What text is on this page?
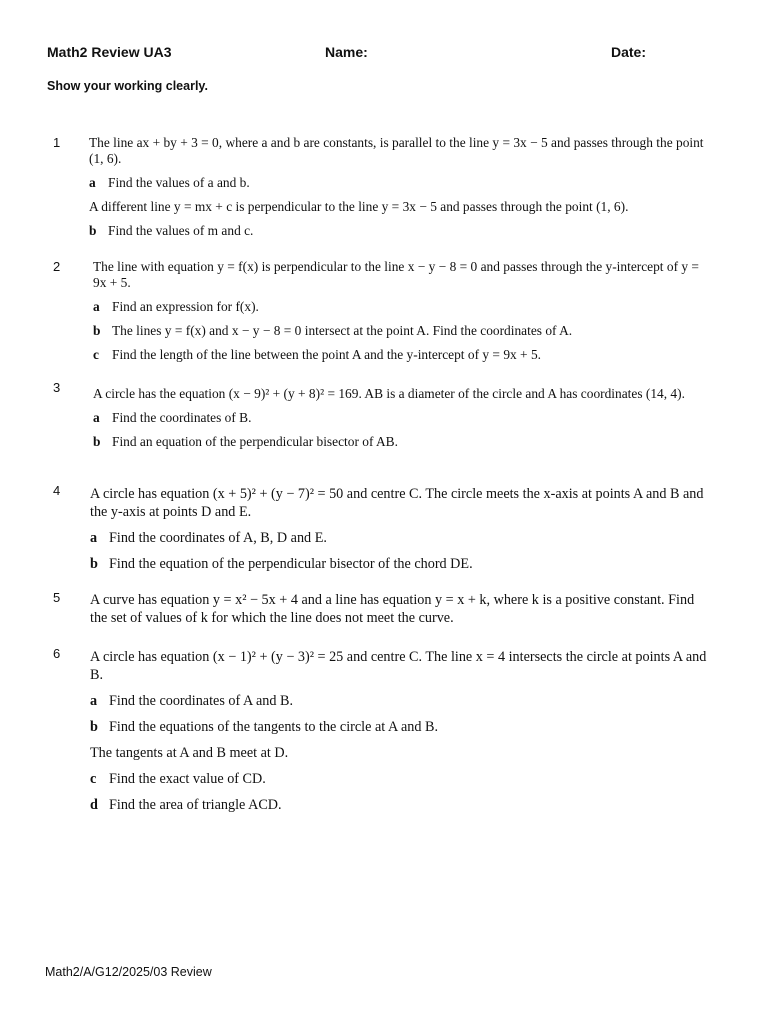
Math2 Review UA3	Name:	Date:
Show your working clearly.
1 The line ax + by + 3 = 0, where a and b are constants, is parallel to the line y = 3x − 5 and passes through the point (1, 6).

a Find the values of a and b.
A different line y = mx + c is perpendicular to the line y = 3x − 5 and passes through the point (1, 6).
b Find the values of m and c.
2 The line with equation y = f(x) is perpendicular to the line x − y − 8 = 0 and passes through the y-intercept of y = 9x + 5.

a Find an expression for f(x).
b The lines y = f(x) and x − y − 8 = 0 intersect at the point A. Find the coordinates of A.
c Find the length of the line between the point A and the y-intercept of y = 9x + 5.
3 A circle has the equation (x − 9)² + (y + 8)² = 169. AB is a diameter of the circle and A has coordinates (14, 4).

a Find the coordinates of B.
b Find an equation of the perpendicular bisector of AB.
4 A circle has equation (x + 5)² + (y − 7)² = 50 and centre C. The circle meets the x-axis at points A and B and the y-axis at points D and E.

a Find the coordinates of A, B, D and E.
b Find the equation of the perpendicular bisector of the chord DE.
5 A curve has equation y = x² − 5x + 4 and a line has equation y = x + k, where k is a positive constant. Find the set of values of k for which the line does not meet the curve.

6 A circle has equation (x − 1)² + (y − 3)² = 25 and centre C. The line x = 4 intersects the circle at points A and B.

a Find the coordinates of A and B.
b Find the equations of the tangents to the circle at A and B.
The tangents at A and B meet at D.
c Find the exact value of CD.
d Find the area of triangle ACD.
Math2/A/G12/2025/03 Review
